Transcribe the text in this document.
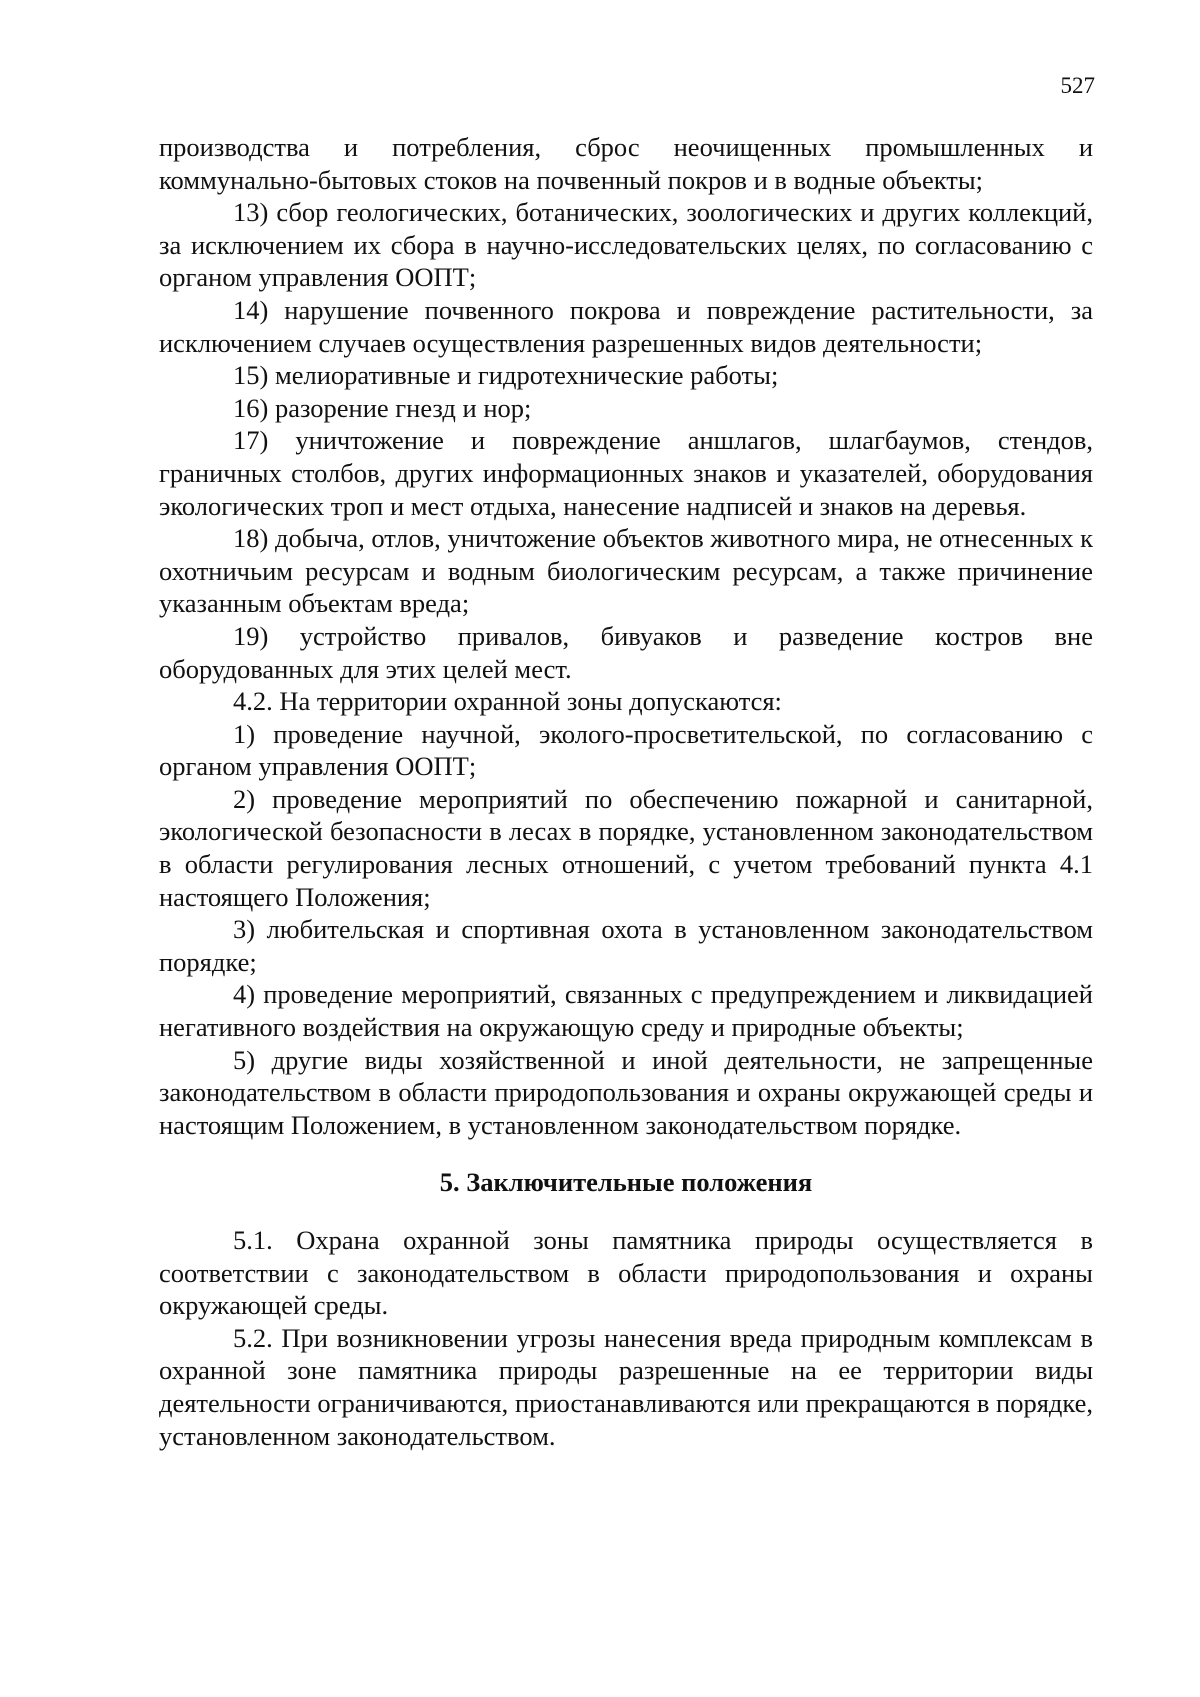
527

производства и потребления, сброс неочищенных промышленных и коммунально-бытовых стоков на почвенный покров и в водные объекты;

13) сбор геологических, ботанических, зоологических и других коллекций, за исключением их сбора в научно-исследовательских целях, по согласованию с органом управления ООПТ;

14) нарушение почвенного покрова и повреждение растительности, за исключением случаев осуществления разрешенных видов деятельности;

15) мелиоративные и гидротехнические работы;

16) разорение гнезд и нор;

17) уничтожение и повреждение аншлагов, шлагбаумов, стендов, граничных столбов, других информационных знаков и указателей, оборудования экологических троп и мест отдыха, нанесение надписей и знаков на деревья.

18) добыча, отлов, уничтожение объектов животного мира, не отнесенных к охотничьим ресурсам и водным биологическим ресурсам, а также причинение указанным объектам вреда;

19) устройство привалов, бивуаков и разведение костров вне оборудованных для этих целей мест.

4.2. На территории охранной зоны допускаются:

1) проведение научной, эколого-просветительской, по согласованию с органом управления ООПТ;

2) проведение мероприятий по обеспечению пожарной и санитарной, экологической безопасности в лесах в порядке, установленном законодательством в области регулирования лесных отношений, с учетом требований пункта 4.1 настоящего Положения;

3) любительская и спортивная охота в установленном законодательством порядке;

4) проведение мероприятий, связанных с предупреждением и ликвидацией негативного воздействия на окружающую среду и природные объекты;

5) другие виды хозяйственной и иной деятельности, не запрещенные законодательством в области природопользования и охраны окружающей среды и настоящим Положением, в установленном законодательством порядке.

5. Заключительные положения

5.1. Охрана охранной зоны памятника природы осуществляется в соответствии с законодательством в области природопользования и охраны окружающей среды.

5.2. При возникновении угрозы нанесения вреда природным комплексам в охранной зоне памятника природы разрешенные на ее территории виды деятельности ограничиваются, приостанавливаются или прекращаются в порядке, установленном законодательством.
